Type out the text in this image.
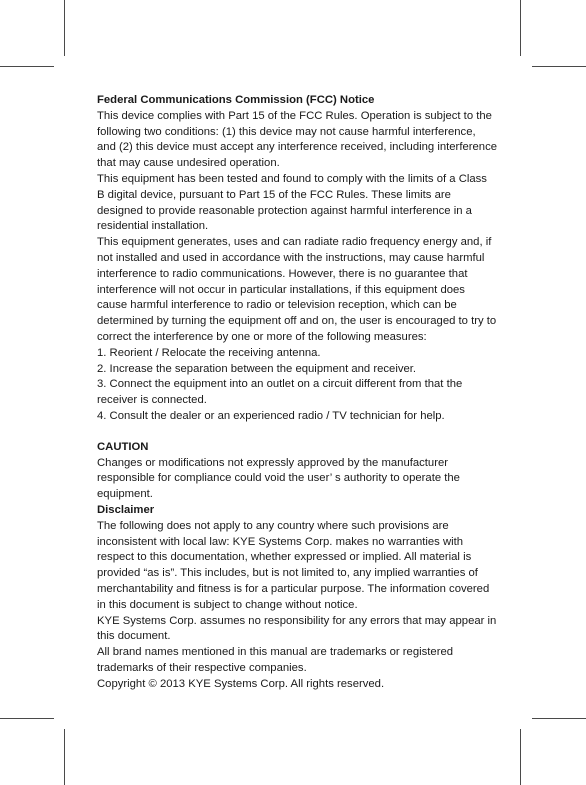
Federal Communications Commission (FCC) Notice

This device complies with Part 15 of the FCC Rules. Operation is subject to the following two conditions: (1) this device may not cause harmful interference, and (2) this device must accept any interference received, including interference that may cause undesired operation.

This equipment has been tested and found to comply with the limits of a Class B digital device, pursuant to Part 15 of the FCC Rules. These limits are designed to provide reasonable protection against harmful interference in a residential installation.

This equipment generates, uses and can radiate radio frequency energy and, if not installed and used in accordance with the instructions, may cause harmful interference to radio communications. However, there is no guarantee that interference will not occur in particular installations, if this equipment does cause harmful interference to radio or television reception, which can be determined by turning the equipment off and on, the user is encouraged to try to correct the interference by one or more of the following measures:

1. Reorient / Relocate the receiving antenna.
2. Increase the separation between the equipment and receiver.
3. Connect the equipment into an outlet on a circuit different from that the receiver is connected.
4. Consult the dealer or an experienced radio / TV technician for help.
CAUTION

Changes or modifications not expressly approved by the manufacturer responsible for compliance could void the user’ s authority to operate the equipment.

Disclaimer

The following does not apply to any country where such provisions are inconsistent with local law: KYE Systems Corp. makes no warranties with respect to this documentation, whether expressed or implied. All material is provided “as is”. This includes, but is not limited to, any implied warranties of merchantability and fitness is for a particular purpose. The information covered in this document is subject to change without notice.

KYE Systems Corp. assumes no responsibility for any errors that may appear in this document.

All brand names mentioned in this manual are trademarks or registered trademarks of their respective companies.

Copyright © 2013 KYE Systems Corp. All rights reserved.
